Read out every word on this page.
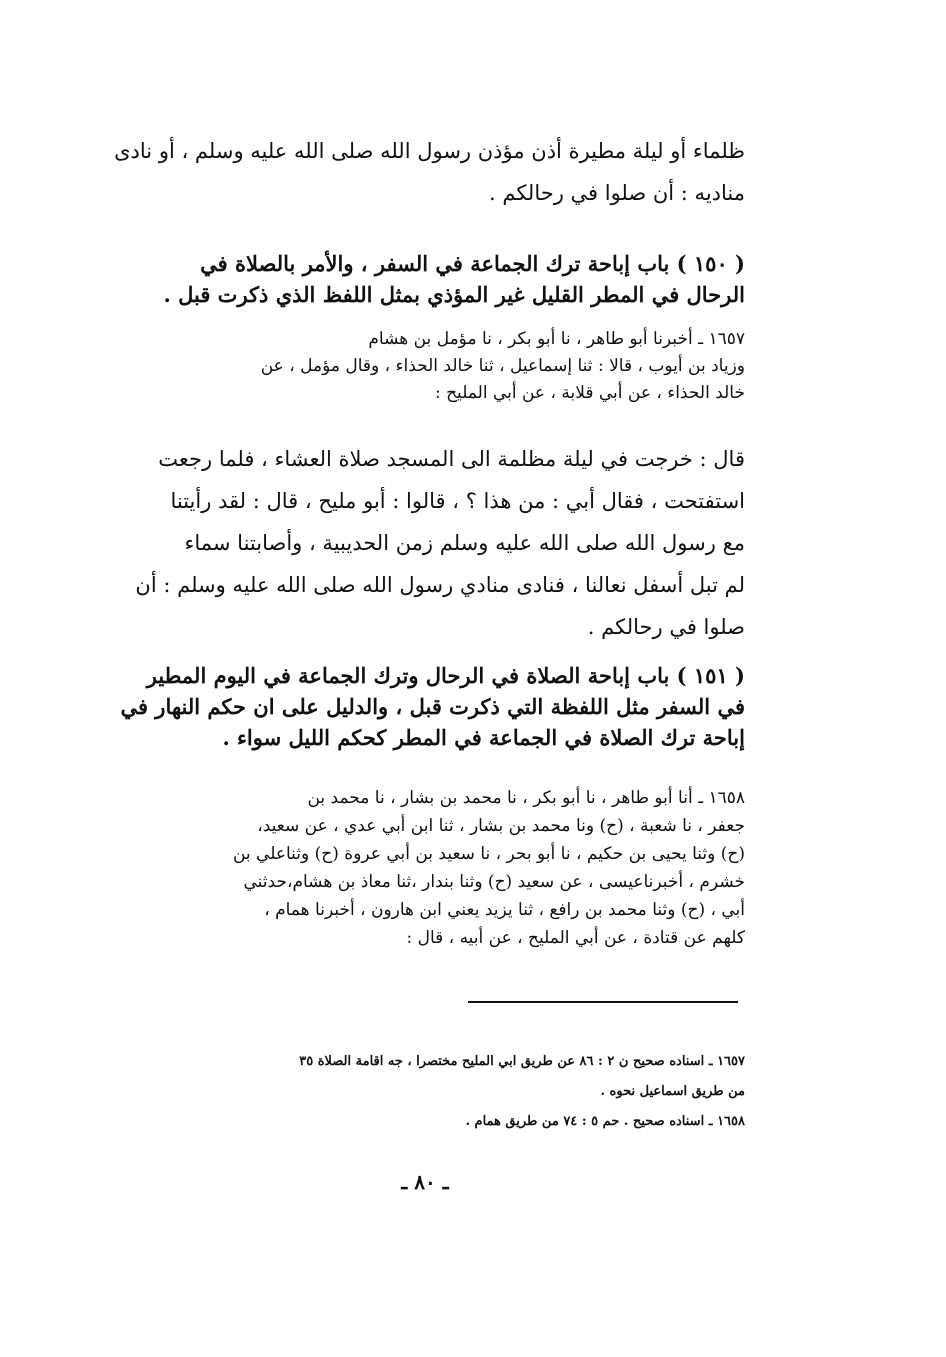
ظلماء أو ليلة مطيرة أذن مؤذن رسول الله صلى الله عليه وسلم ، أو نادى
مناديه : أن صلوا في رحالكم .
( ١٥٠ ) باب إباحة ترك الجماعة في السفر ، والأمر بالصلاة في
الرحال في المطر القليل غير المؤذي بمثل اللفظ الذي ذكرت قبل .
١٦٥٧ ـ أخبرنا أبو طاهر ، نا أبو بكر ، نا مؤمل بن هشام
وزياد بن أيوب ، قالا : ثنا إسماعيل ، ثنا خالد الحذاء ، وقال مؤمل ، عن
خالد الحذاء ، عن أبي قلابة ، عن أبي المليح :
قال : خرجت في ليلة مظلمة الى المسجد صلاة العشاء ، فلما رجعت
استفتحت ، فقال أبي : من هذا ؟ ، قالوا : أبو مليح ، قال : لقد رأيتنا
مع رسول الله صلى الله عليه وسلم زمن الحديبية ، وأصابتنا سماء
لم تبل أسفل نعالنا ، فنادى منادي رسول الله صلى الله عليه وسلم : أن
صلوا في رحالكم .
( ١٥١ ) باب إباحة الصلاة في الرحال وترك الجماعة في اليوم المطير
في السفر مثل اللفظة التي ذكرت قبل ، والدليل على ان حكم النهار في
إباحة ترك الصلاة في الجماعة في المطر كحكم الليل سواء .
١٦٥٨ ـ أنا أبو طاهر ، نا أبو بكر ، نا محمد بن بشار ، نا محمد بن
جعفر ، نا شعبة ، (ح) ونا محمد بن بشار ، ثنا ابن أبي عدي ، عن سعيد،
(ح) وثنا يحيى بن حكيم ، نا أبو بحر ، نا سعيد بن أبي عروة (ح) وثناعلي بن
خشرم ، أخبرناعيسى ، عن سعيد (ح) وثنا بندار ،ثنا معاذ بن هشام،حدثني
أبي ، (ح) وثنا محمد بن رافع ، ثنا يزيد يعني ابن هارون ، أخبرنا همام ،
كلهم عن قتادة ، عن أبي المليح ، عن أبيه ، قال :
١٦٥٧ ـ اسناده صحيح ن ٢ : ٨٦ عن طريق ابي المليح مختصرا ، جه اقامة الصلاة ٣٥
من طريق اسماعيل نحوه .
١٦٥٨ ـ اسناده صحيح . حم ٥ : ٧٤ من طريق همام .
ـ ٨٠ ـ
